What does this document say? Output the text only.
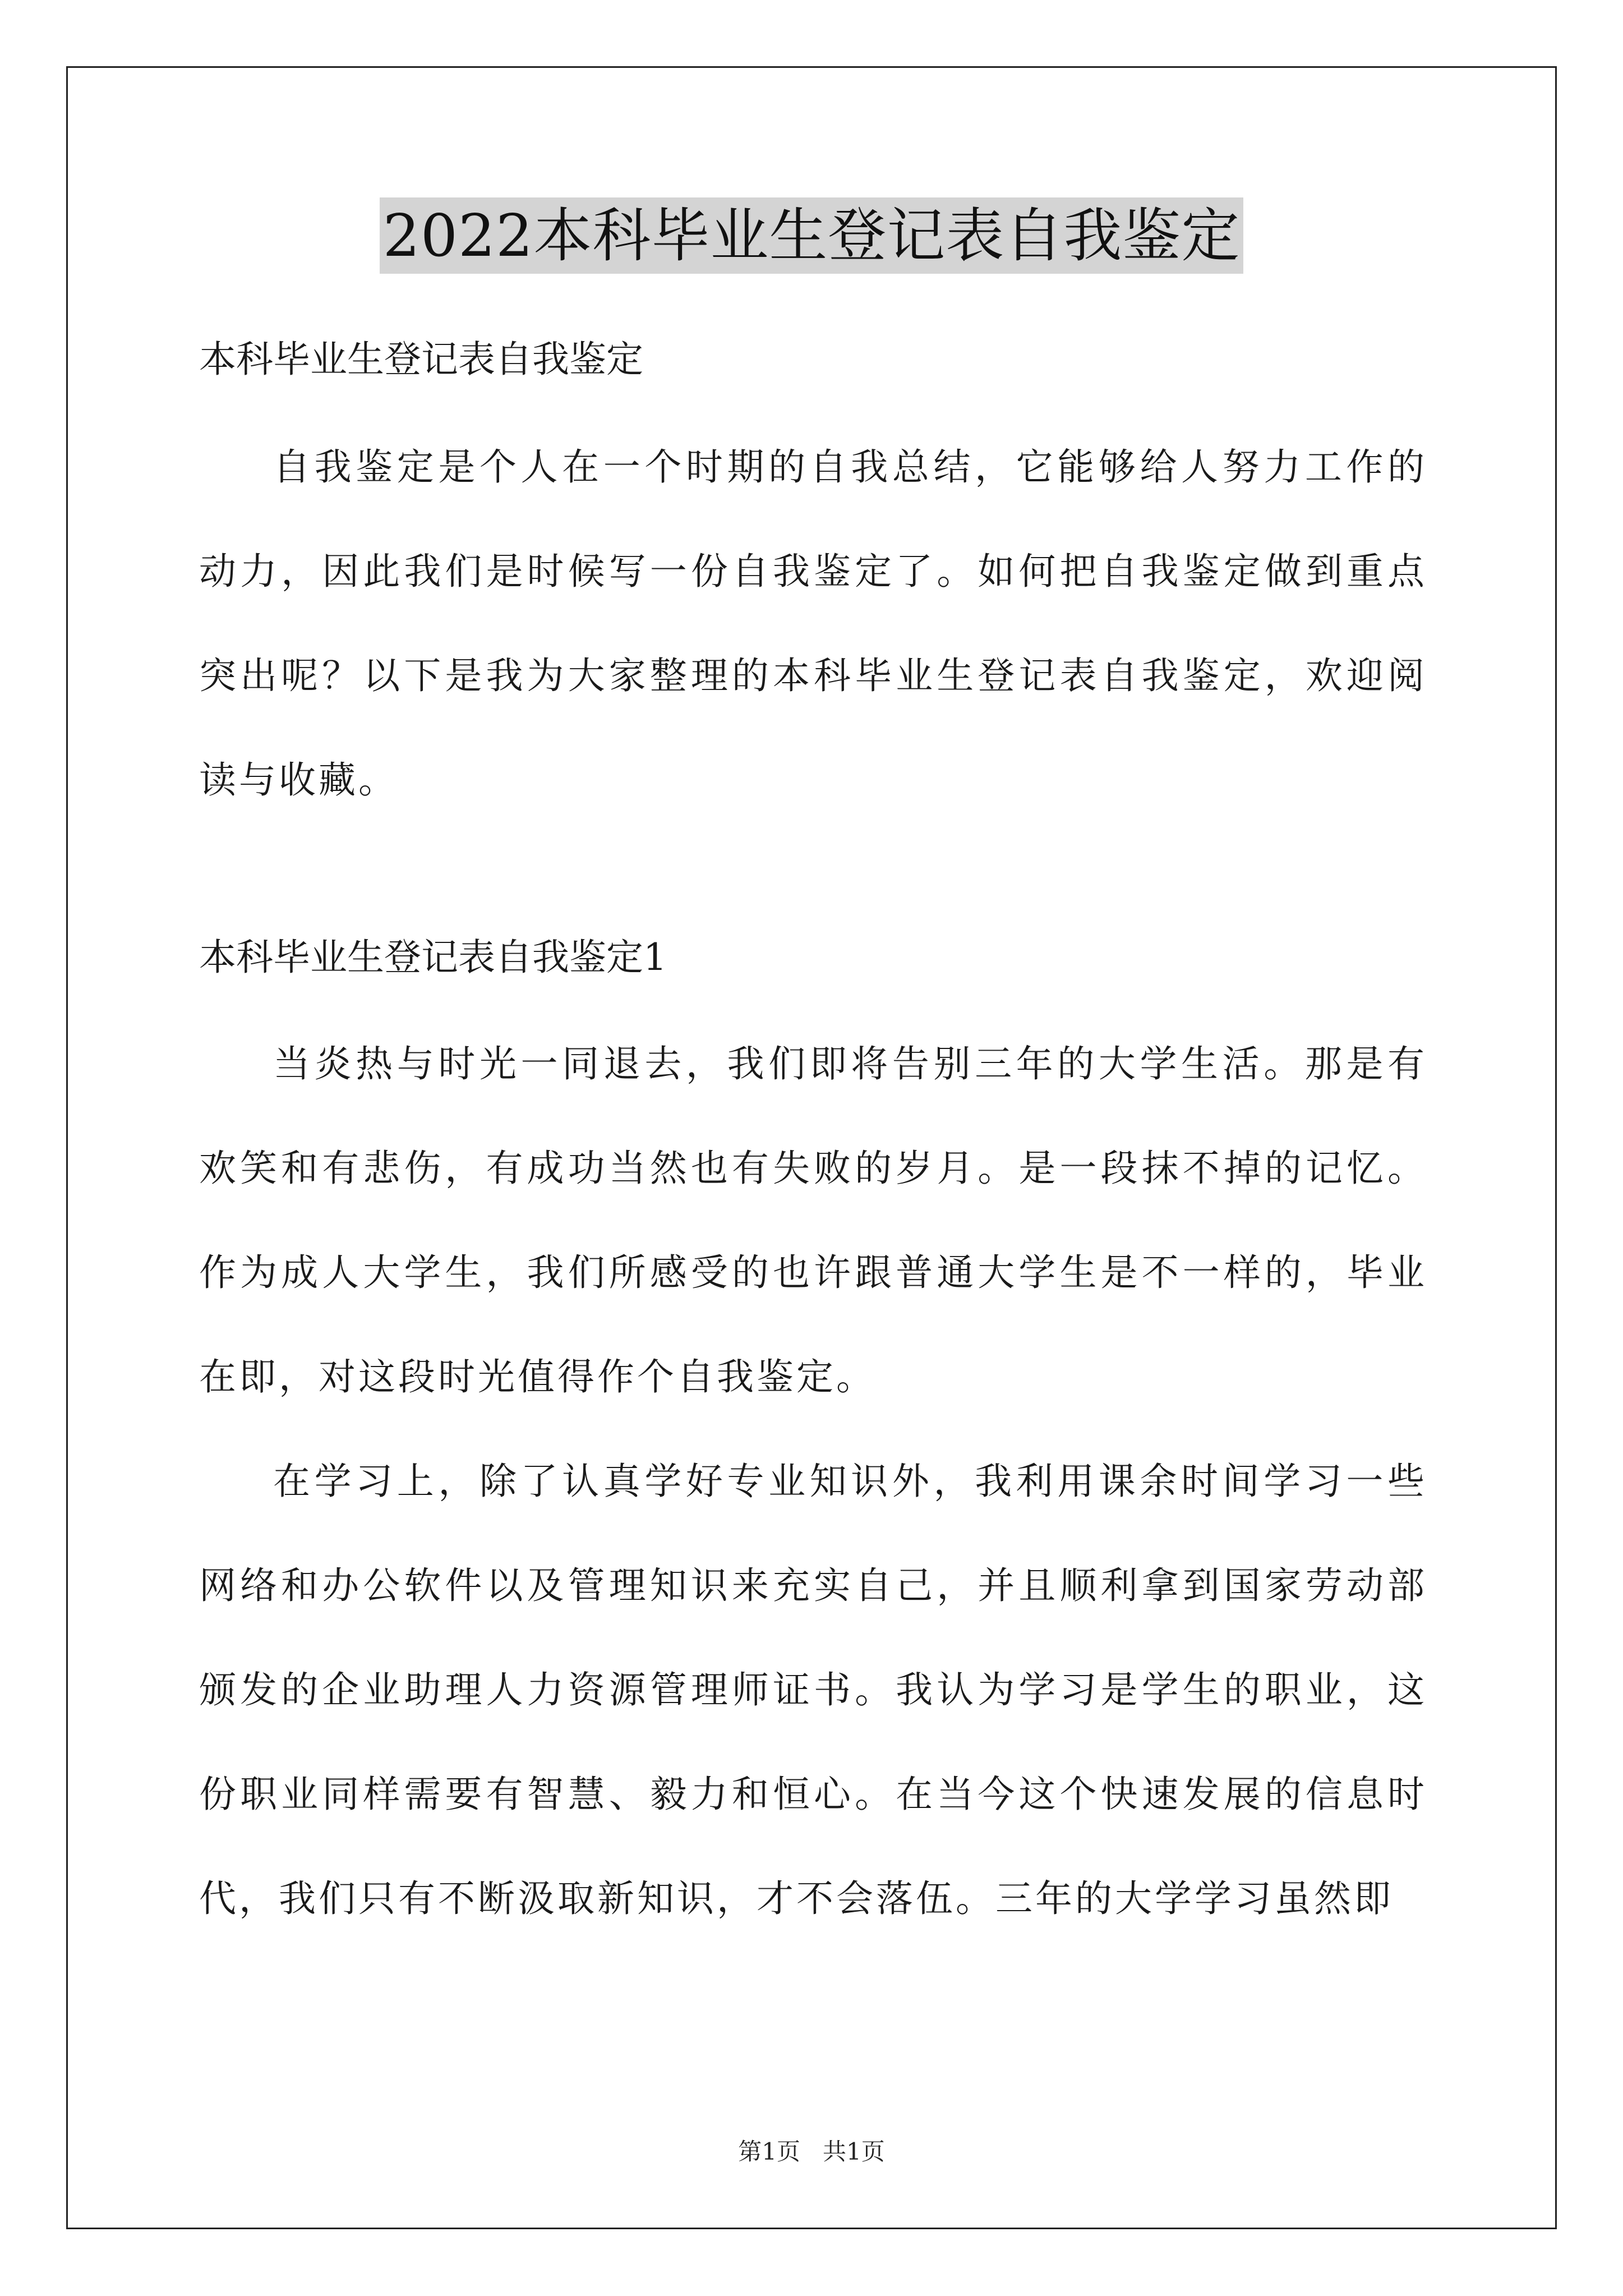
2022本科毕业生登记表自我鉴定

本科毕业生登记表自我鉴定

自我鉴定是个人在一个时期的自我总结，它能够给人努力工作的动力，因此我们是时候写一份自我鉴定了。如何把自我鉴定做到重点突出呢？以下是我为大家整理的本科毕业生登记表自我鉴定，欢迎阅读与收藏。

本科毕业生登记表自我鉴定1

当炎热与时光一同退去，我们即将告别三年的大学生活。那是有欢笑和有悲伤，有成功当然也有失败的岁月。是一段抹不掉的记忆。作为成人大学生，我们所感受的也许跟普通大学生是不一样的，毕业在即，对这段时光值得作个自我鉴定。

在学习上，除了认真学好专业知识外，我利用课余时间学习一些网络和办公软件以及管理知识来充实自己，并且顺利拿到国家劳动部颁发的企业助理人力资源管理师证书。我认为学习是学生的职业，这份职业同样需要有智慧、毅力和恒心。在当今这个快速发展的信息时代，我们只有不断汲取新知识，才不会落伍。三年的大学学习虽然即

第1页   共1页
